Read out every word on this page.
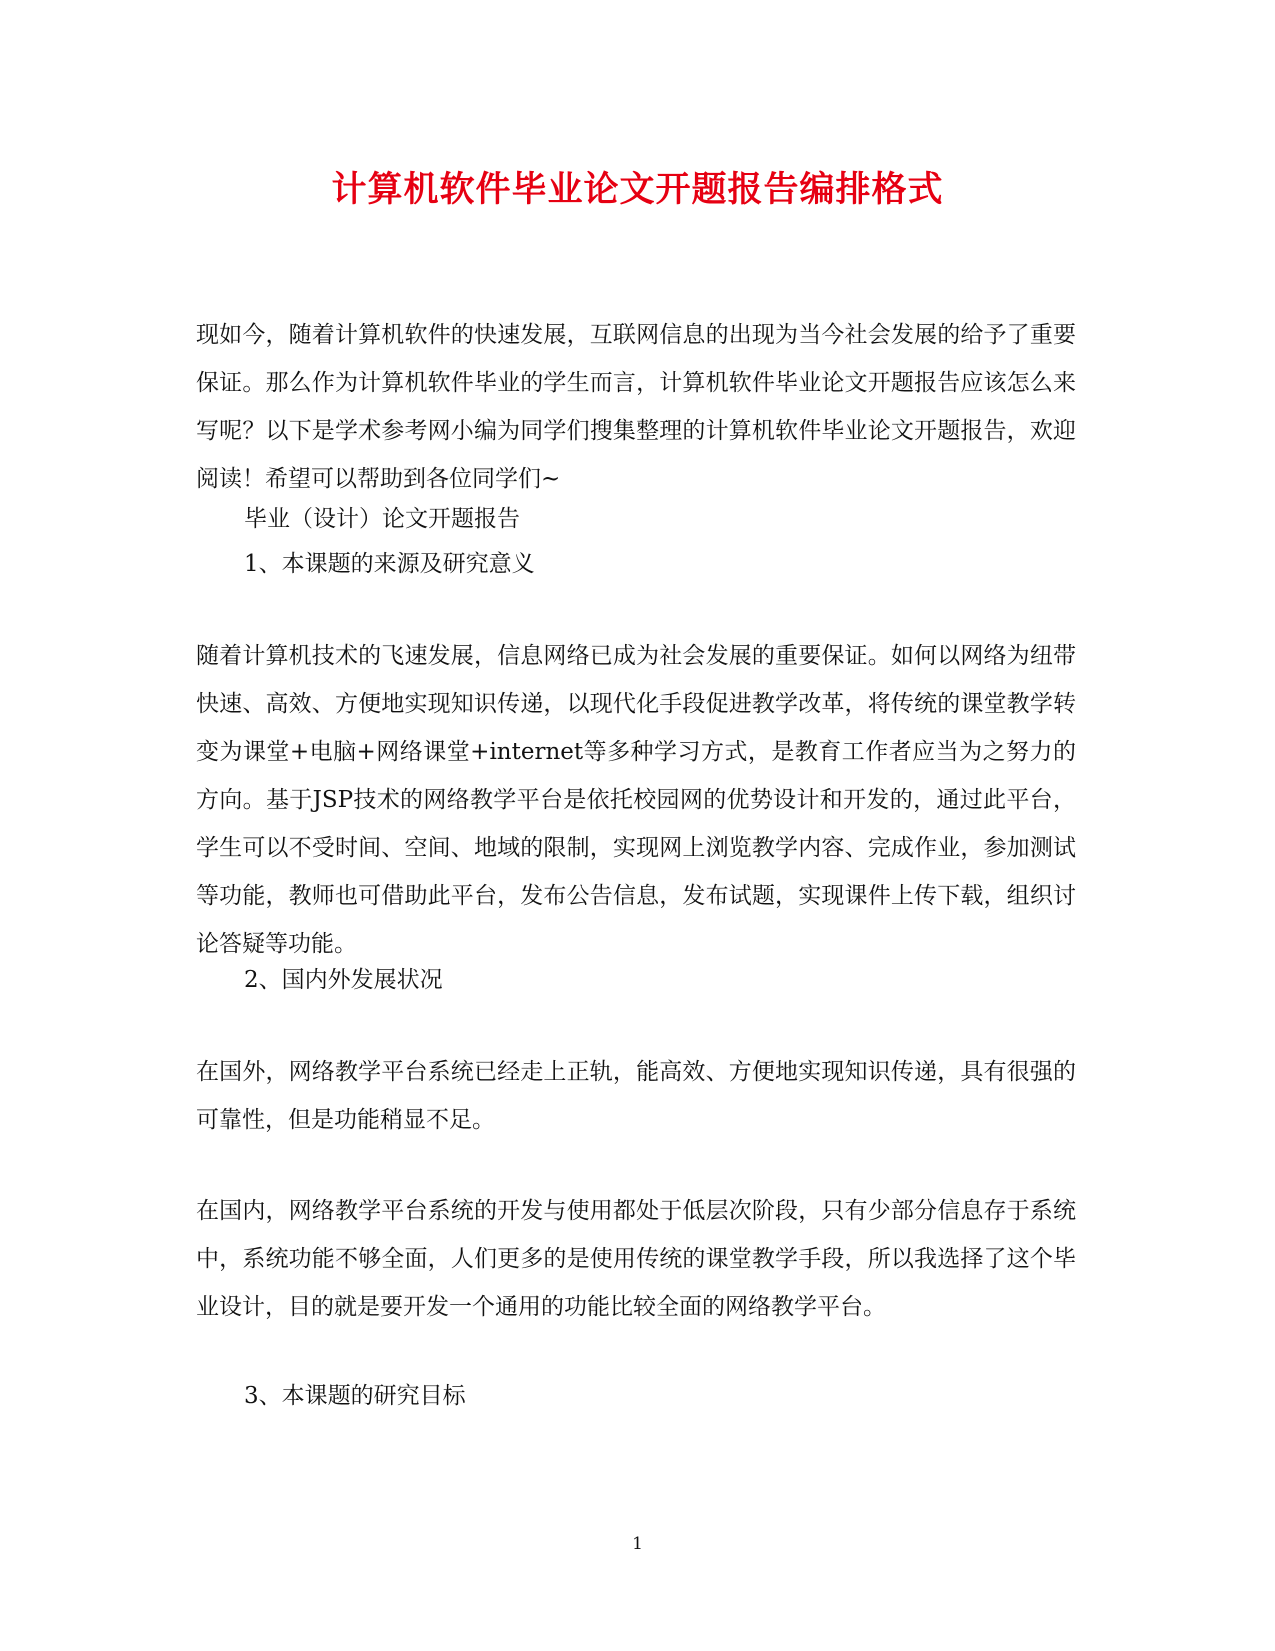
计算机软件毕业论文开题报告编排格式

现如今，随着计算机软件的快速发展，互联网信息的出现为当今社会发展的给予了重要保证。那么作为计算机软件毕业的学生而言，计算机软件毕业论文开题报告应该怎么来写呢？以下是学术参考网小编为同学们搜集整理的计算机软件毕业论文开题报告，欢迎阅读！希望可以帮助到各位同学们~

毕业（设计）论文开题报告

1、本课题的来源及研究意义

随着计算机技术的飞速发展，信息网络已成为社会发展的重要保证。如何以网络为纽带快速、高效、方便地实现知识传递，以现代化手段促进教学改革，将传统的课堂教学转变为课堂+电脑+网络课堂+internet等多种学习方式，是教育工作者应当为之努力的方向。基于JSP技术的网络教学平台是依托校园网的优势设计和开发的，通过此平台，学生可以不受时间、空间、地域的限制，实现网上浏览教学内容、完成作业，参加测试等功能，教师也可借助此平台，发布公告信息，发布试题，实现课件上传下载，组织讨论答疑等功能。

2、国内外发展状况

在国外，网络教学平台系统已经走上正轨，能高效、方便地实现知识传递，具有很强的可靠性，但是功能稍显不足。

在国内，网络教学平台系统的开发与使用都处于低层次阶段，只有少部分信息存于系统中，系统功能不够全面，人们更多的是使用传统的课堂教学手段，所以我选择了这个毕业设计，目的就是要开发一个通用的功能比较全面的网络教学平台。

3、本课题的研究目标

1
